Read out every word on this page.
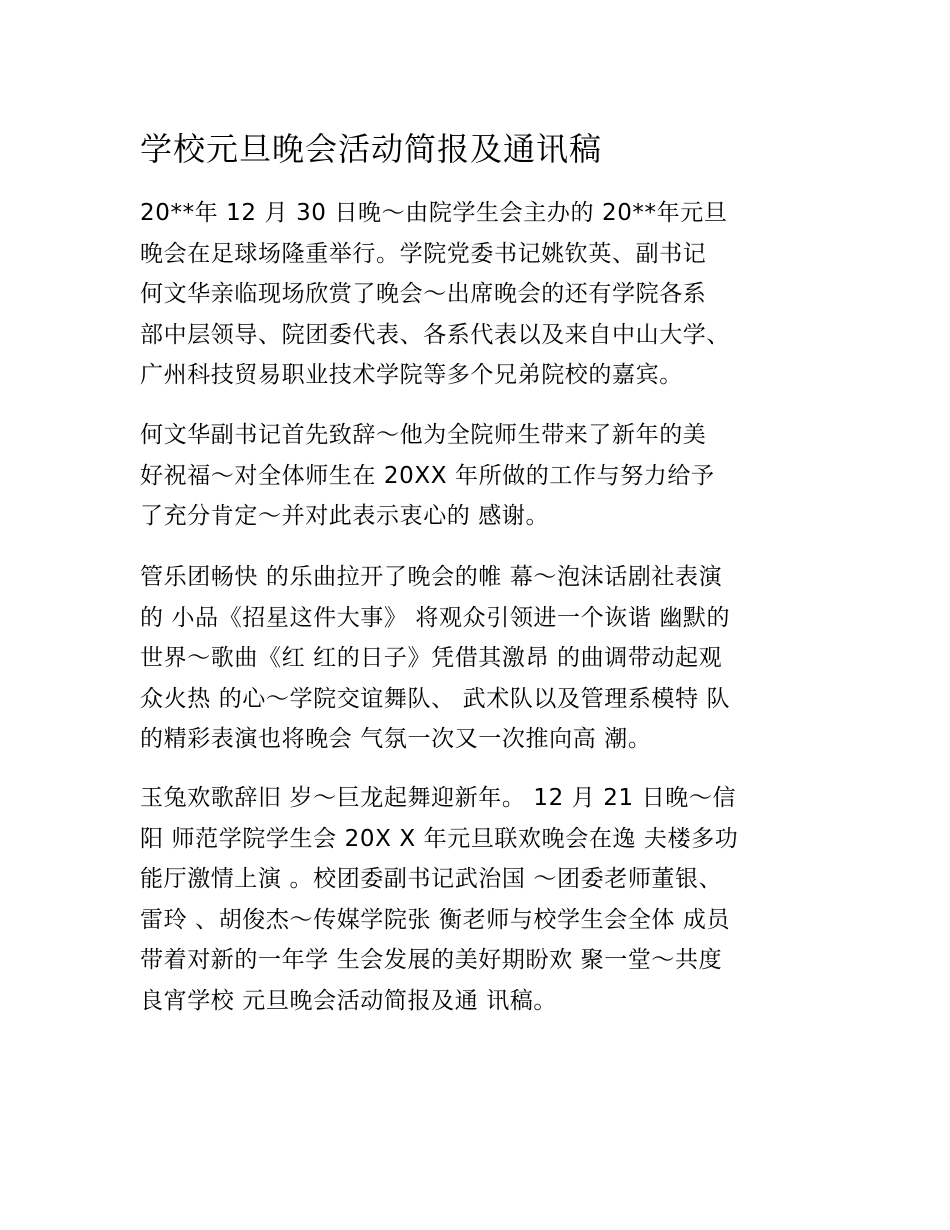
学校元旦晚会活动简报及通讯稿

20**年 12 月 30 日晚～由院学生会主办的 20**年元旦
晚会在足球场隆重举行。学院党委书记姚钦英、副书记
何文华亲临现场欣赏了晚会～出席晚会的还有学院各系
部中层领导、院团委代表、各系代表以及来自中山大学、
广州科技贸易职业技术学院等多个兄弟院校的嘉宾。

何文华副书记首先致辞～他为全院师生带来了新年的美
好祝福～对全体师生在 20XX 年所做的工作与努力给予
了充分肯定～并对此表示衷心的 感谢。

管乐团畅快 的乐曲拉开了晚会的帷 幕～泡沫话剧社表演
的 小品《招星这件大事》 将观众引领进一个诙谐 幽默的
世界～歌曲《红 红的日子》凭借其激昂 的曲调带动起观
众火热 的心～学院交谊舞队、 武术队以及管理系模特 队
的精彩表演也将晚会 气氛一次又一次推向高 潮。

玉兔欢歌辞旧 岁～巨龙起舞迎新年。 12 月 21 日晚～信
阳 师范学院学生会 20X X 年元旦联欢晚会在逸 夫楼多功
能厅激情上演 。校团委副书记武治国 ～团委老师董银、
雷玲 、胡俊杰～传媒学院张 衡老师与校学生会全体 成员
带着对新的一年学 生会发展的美好期盼欢 聚一堂～共度
良宵学校 元旦晚会活动简报及通 讯稿。
